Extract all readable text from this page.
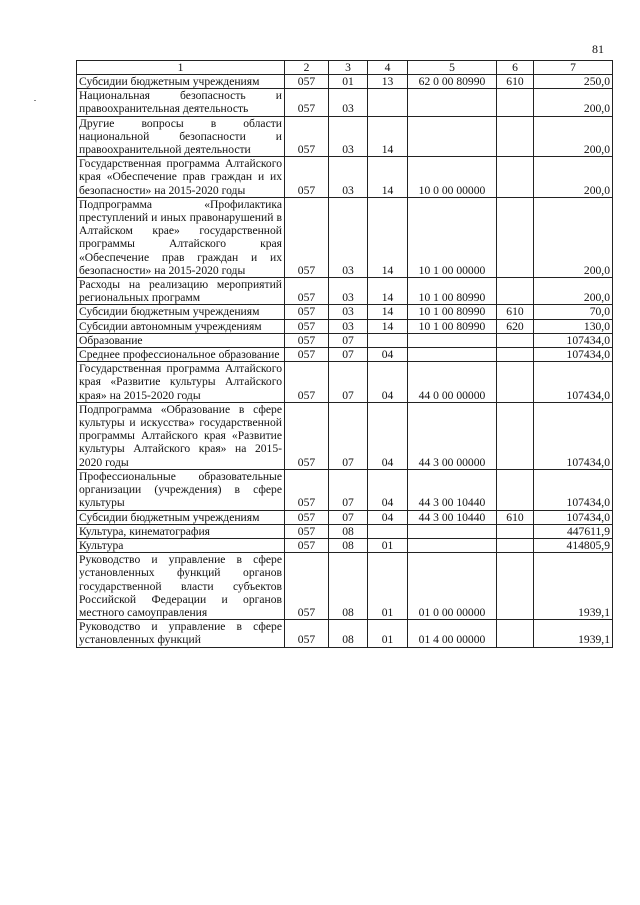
81
1	2	3	4	5	6	7
Субсидии бюджетным учреждениям	057	01	13	62 0 00 80990	610	250,0
Национальная безопасность и правоохранительная деятельность	057	03				200,0
Другие вопросы в области национальной безопасности и правоохранительной деятельности	057	03	14			200,0
Государственная программа Алтайского края «Обеспечение прав граждан и их безопасности» на 2015-2020 годы	057	03	14	10 0 00 00000		200,0
Подпрограмма «Профилактика преступлений и иных правонарушений в Алтайском крае» государственной программы Алтайского края «Обеспечение прав граждан и их безопасности» на 2015-2020 годы	057	03	14	10 1 00 00000		200,0
Расходы на реализацию мероприятий региональных программ	057	03	14	10 1 00 80990		200,0
Субсидии бюджетным учреждениям	057	03	14	10 1 00 80990	610	70,0
Субсидии автономным учреждениям	057	03	14	10 1 00 80990	620	130,0
Образование	057	07				107434,0
Среднее профессиональное образование	057	07	04			107434,0
Государственная программа Алтайского края «Развитие культуры Алтайского края» на 2015-2020 годы	057	07	04	44 0 00 00000		107434,0
Подпрограмма «Образование в сфере культуры и искусства» государственной программы Алтайского края «Развитие культуры Алтайского края» на 2015-2020 годы	057	07	04	44 3 00 00000		107434,0
Профессиональные образовательные организации (учреждения) в сфере культуры	057	07	04	44 3 00 10440		107434,0
Субсидии бюджетным учреждениям	057	07	04	44 3 00 10440	610	107434,0
Культура, кинематография	057	08				447611,9
Культура	057	08	01			414805,9
Руководство и управление в сфере установленных функций органов государственной власти субъектов Российской Федерации и органов местного самоуправления	057	08	01	01 0 00 00000		1939,1
Руководство и управление в сфере установленных функций	057	08	01	01 4 00 00000		1939,1
